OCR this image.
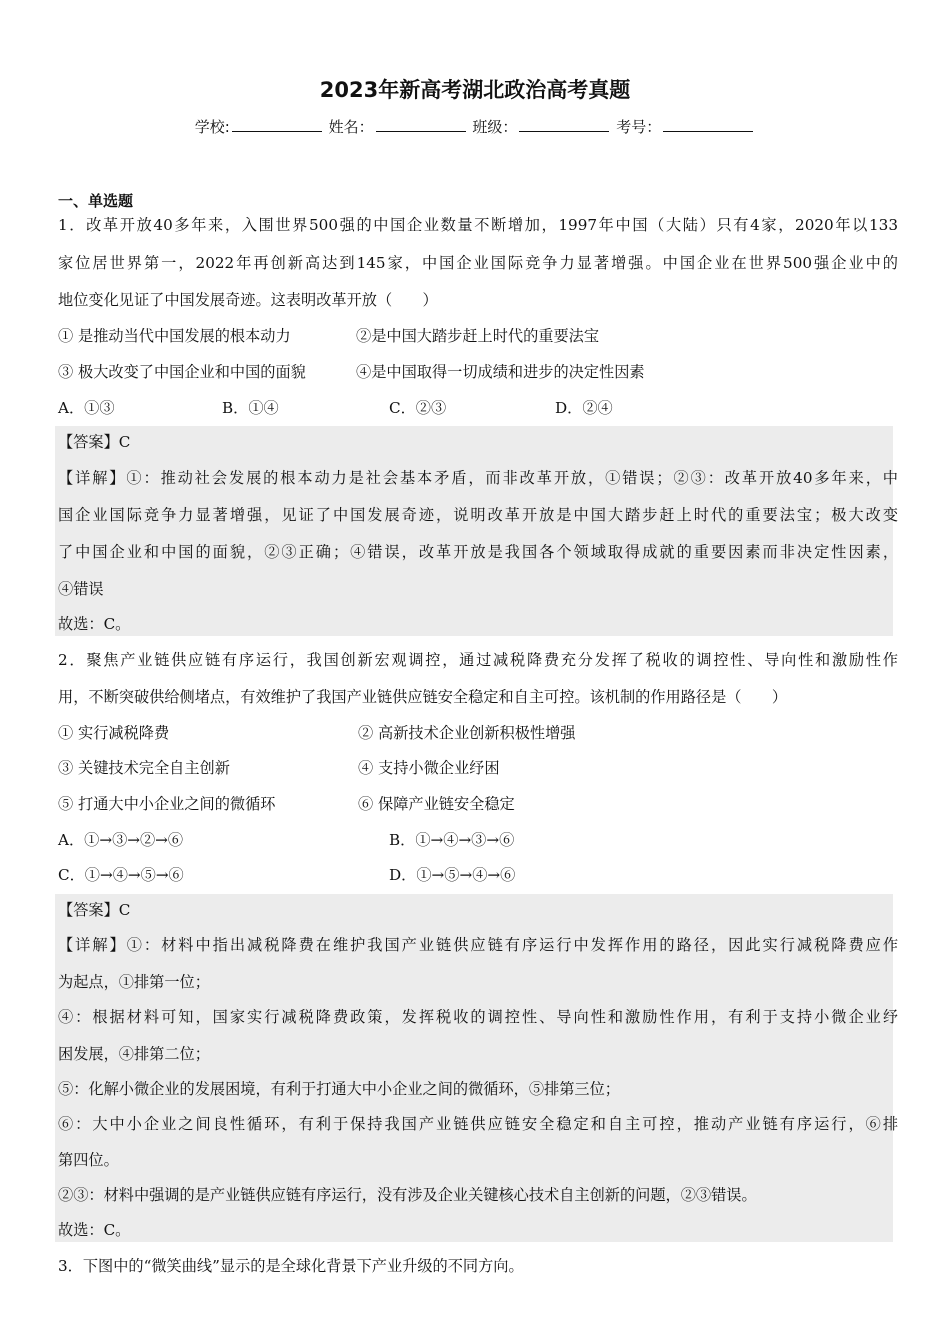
2023年新高考湖北政治高考真题
学校:	姓名：	班级：	考号：
一、单选题
1．改革开放40多年来，入围世界500强的中国企业数量不断增加，1997年中国（大陆）只有4家，2020年以133
家位居世界第一，2022年再创新高达到145家，中国企业国际竞争力显著增强。中国企业在世界500强企业中的
地位变化见证了中国发展奇迹。这表明改革开放（　　）
① 是推动当代中国发展的根本动力	②是中国大踏步赶上时代的重要法宝
③ 极大改变了中国企业和中国的面貌	④是中国取得一切成绩和进步的决定性因素
A．①③	B．①④	C．②③	D．②④
【答案】C
【详解】①：推动社会发展的根本动力是社会基本矛盾，而非改革开放，①错误；②③：改革开放40多年来，中
国企业国际竞争力显著增强，见证了中国发展奇迹，说明改革开放是中国大踏步赶上时代的重要法宝；极大改变
了中国企业和中国的面貌，②③正确；④错误，改革开放是我国各个领域取得成就的重要因素而非决定性因素，
④错误
故选：C。
2．聚焦产业链供应链有序运行，我国创新宏观调控，通过减税降费充分发挥了税收的调控性、导向性和激励性作
用，不断突破供给侧堵点，有效维护了我国产业链供应链安全稳定和自主可控。该机制的作用路径是（　　）
① 实行减税降费	② 高新技术企业创新积极性增强
③ 关键技术完全自主创新	④ 支持小微企业纾困
⑤ 打通大中小企业之间的微循环	⑥ 保障产业链安全稳定
A．①→③→②→⑥	B．①→④→③→⑥
C．①→④→⑤→⑥	D．①→⑤→④→⑥
【答案】C
【详解】①：材料中指出减税降费在维护我国产业链供应链有序运行中发挥作用的路径，因此实行减税降费应作
为起点，①排第一位；
④：根据材料可知，国家实行减税降费政策，发挥税收的调控性、导向性和激励性作用，有利于支持小微企业纾
困发展，④排第二位；
⑤：化解小微企业的发展困境，有利于打通大中小企业之间的微循环，⑤排第三位；
⑥：大中小企业之间良性循环，有利于保持我国产业链供应链安全稳定和自主可控，推动产业链有序运行，⑥排
第四位。
②③：材料中强调的是产业链供应链有序运行，没有涉及企业关键核心技术自主创新的问题，②③错误。
故选：C。
3．下图中的“微笑曲线”显示的是全球化背景下产业升级的不同方向。
